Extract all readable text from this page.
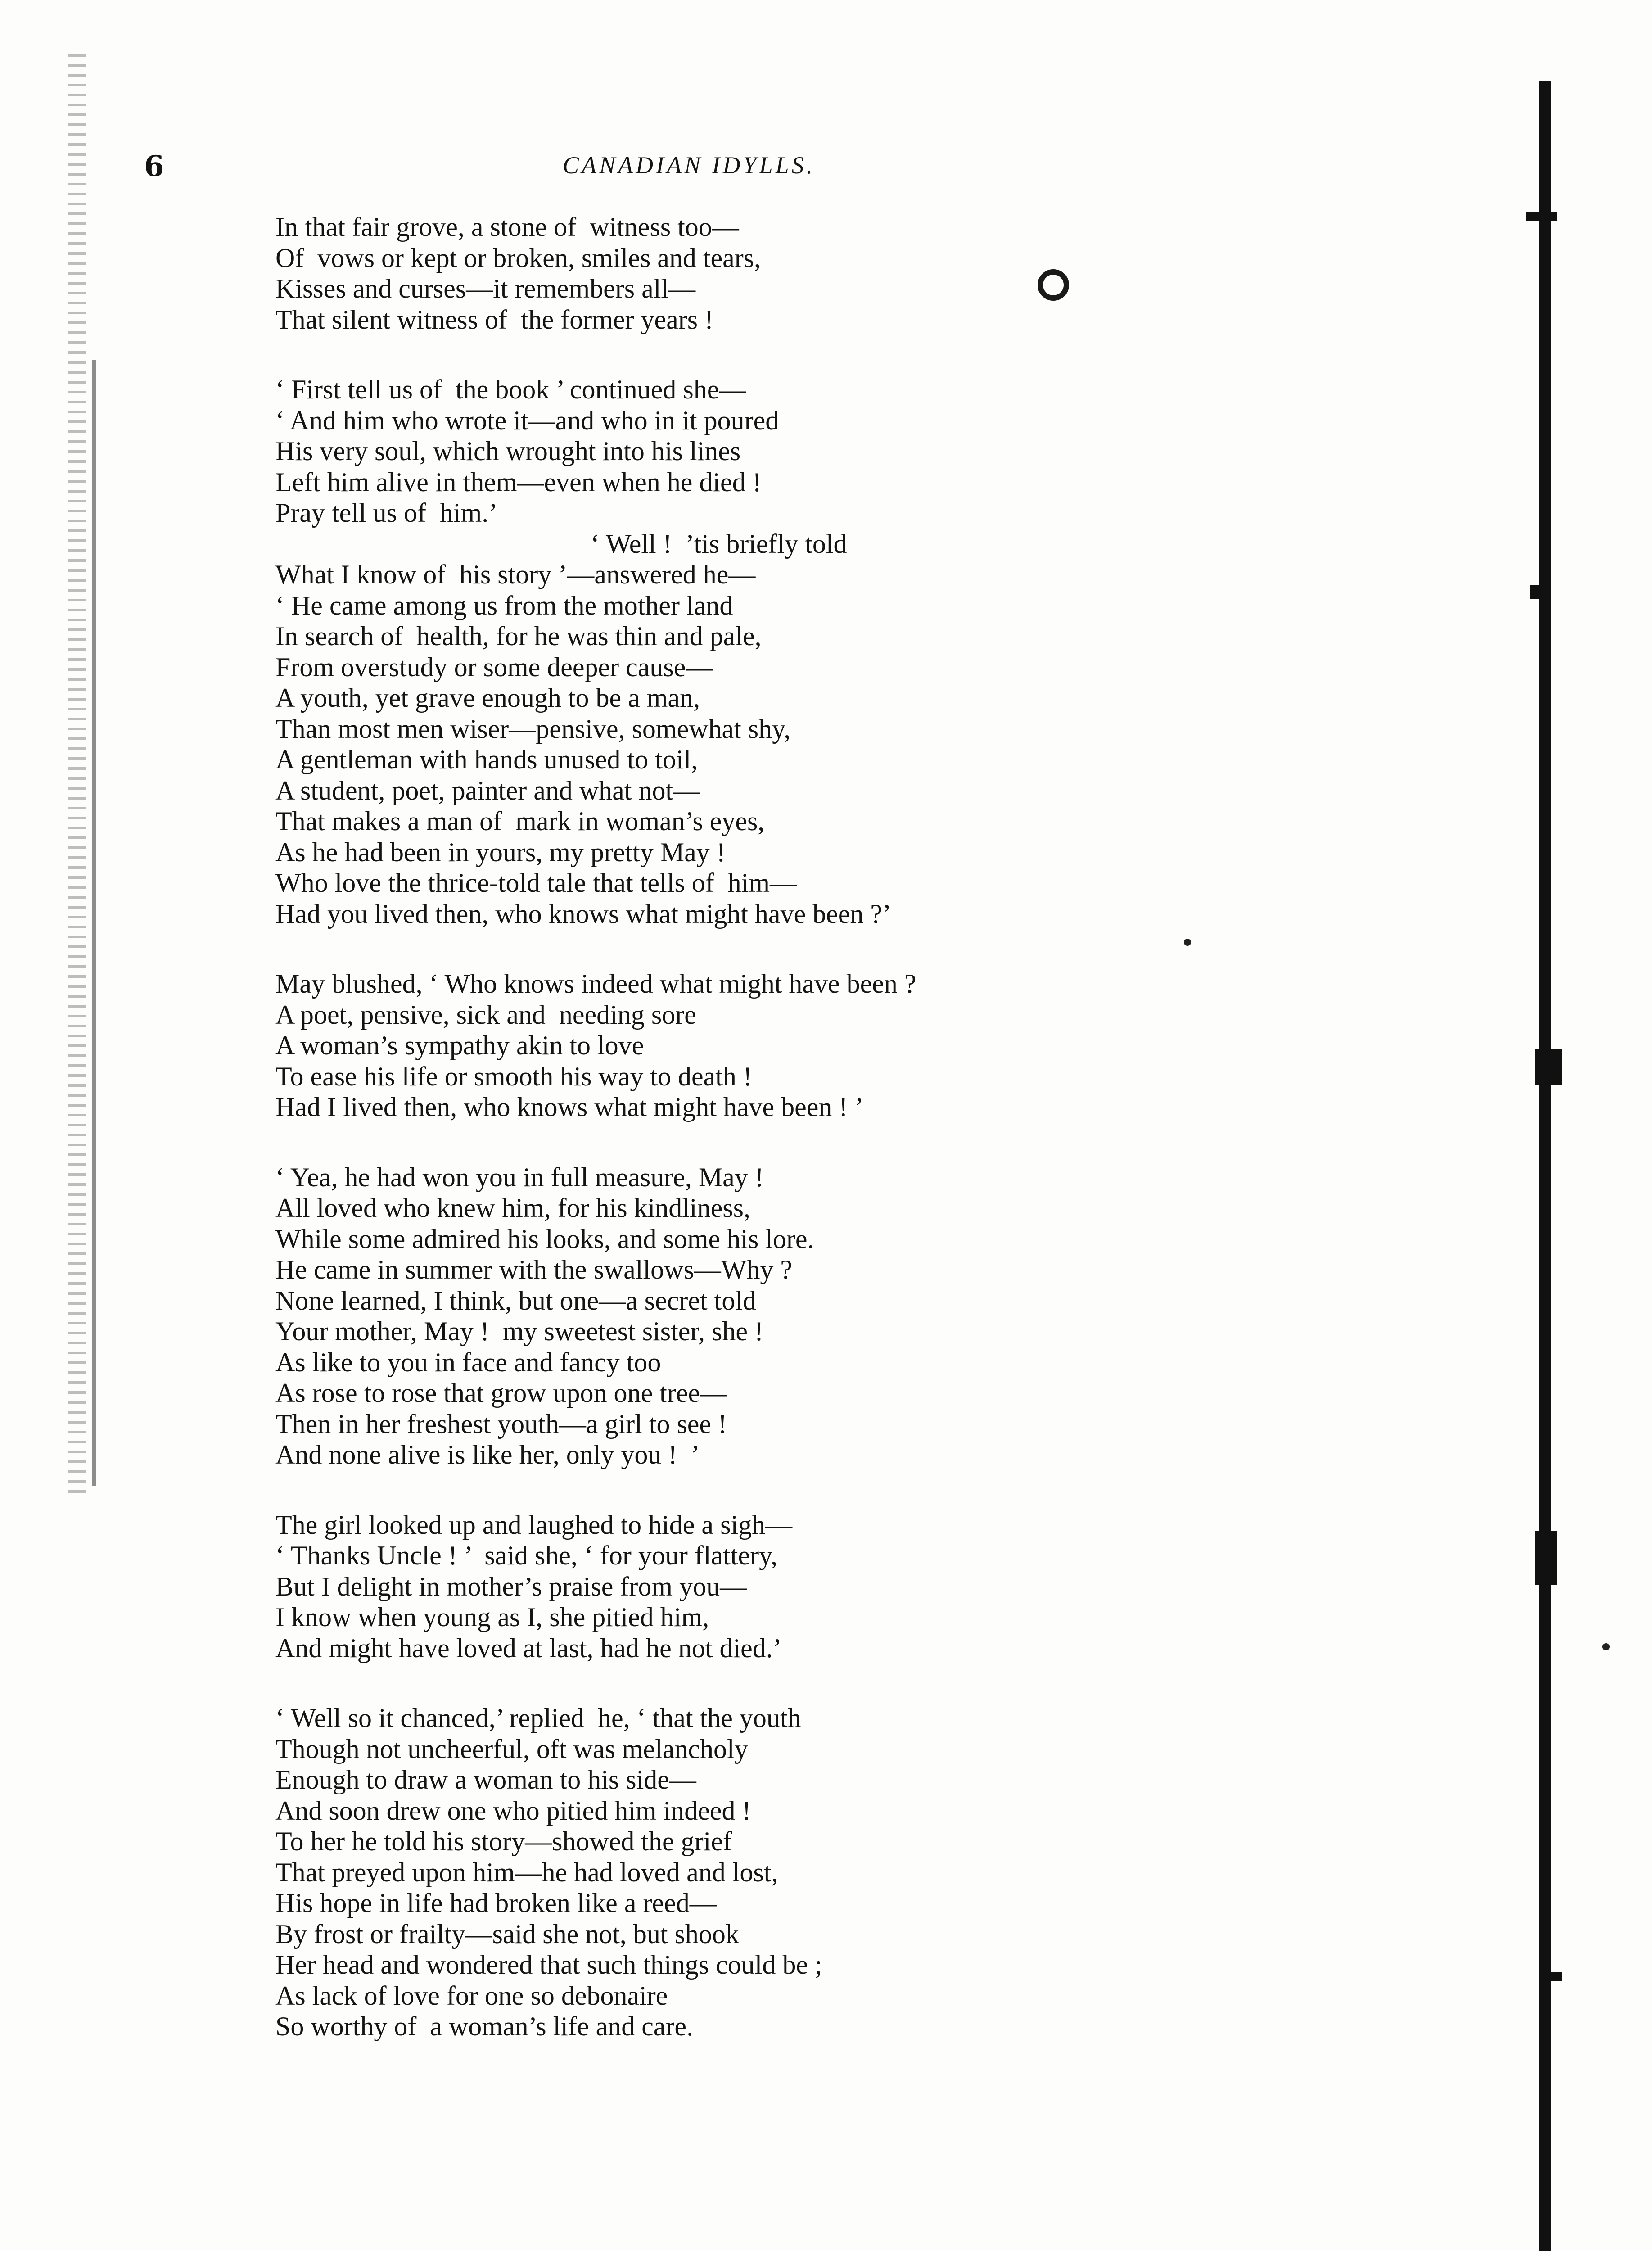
6	CANADIAN IDYLLS.
In that fair grove, a stone of  witness too—
Of  vows or kept or broken, smiles and tears,
Kisses and curses—it remembers all—
That silent witness of  the former years !
‘ First tell us of  the book ’ continued she—
‘ And him who wrote it—and who in it poured
His very soul, which wrought into his lines
Left him alive in them—even when he died !
Pray tell us of  him.’
‘ Well !  ’tis briefly told
What I know of  his story ’—answered he—
‘ He came among us from the mother land
In search of  health, for he was thin and pale,
From overstudy or some deeper cause—
A youth, yet grave enough to be a man,
Than most men wiser—pensive, somewhat shy,
A gentleman with hands unused to toil,
A student, poet, painter and what not—
That makes a man of  mark in woman’s eyes,
As he had been in yours, my pretty May !
Who love the thrice-told tale that tells of  him—
Had you lived then, who knows what might have been ?’
May blushed, ‘ Who knows indeed what might have been ?
A poet, pensive, sick and  needing sore
A woman’s sympathy akin to love
To ease his life or smooth his way to death !
Had I lived then, who knows what might have been ! ’
‘ Yea, he had won you in full measure, May !
All loved who knew him, for his kindliness,
While some admired his looks, and some his lore.
He came in summer with the swallows—Why ?
None learned, I think, but one—a secret told
Your mother, May !  my sweetest sister, she !
As like to you in face and fancy too
As rose to rose that grow upon one tree—
Then in her freshest youth—a girl to see !
And none alive is like her, only you !  ’
The girl looked up and laughed to hide a sigh—
‘ Thanks Uncle ! ’  said she, ‘ for your flattery,
But I delight in mother’s praise from you—
I know when young as I, she pitied him,
And might have loved at last, had he not died.’
‘ Well so it chanced,’ replied  he, ‘ that the youth
Though not uncheerful, oft was melancholy
Enough to draw a woman to his side—
And soon drew one who pitied him indeed !
To her he told his story—showed the grief
That preyed upon him—he had loved and lost,
His hope in life had broken like a reed—
By frost or frailty—said she not, but shook
Her head and wondered that such things could be ;
As lack of love for one so debonaire
So worthy of  a woman’s life and care.
